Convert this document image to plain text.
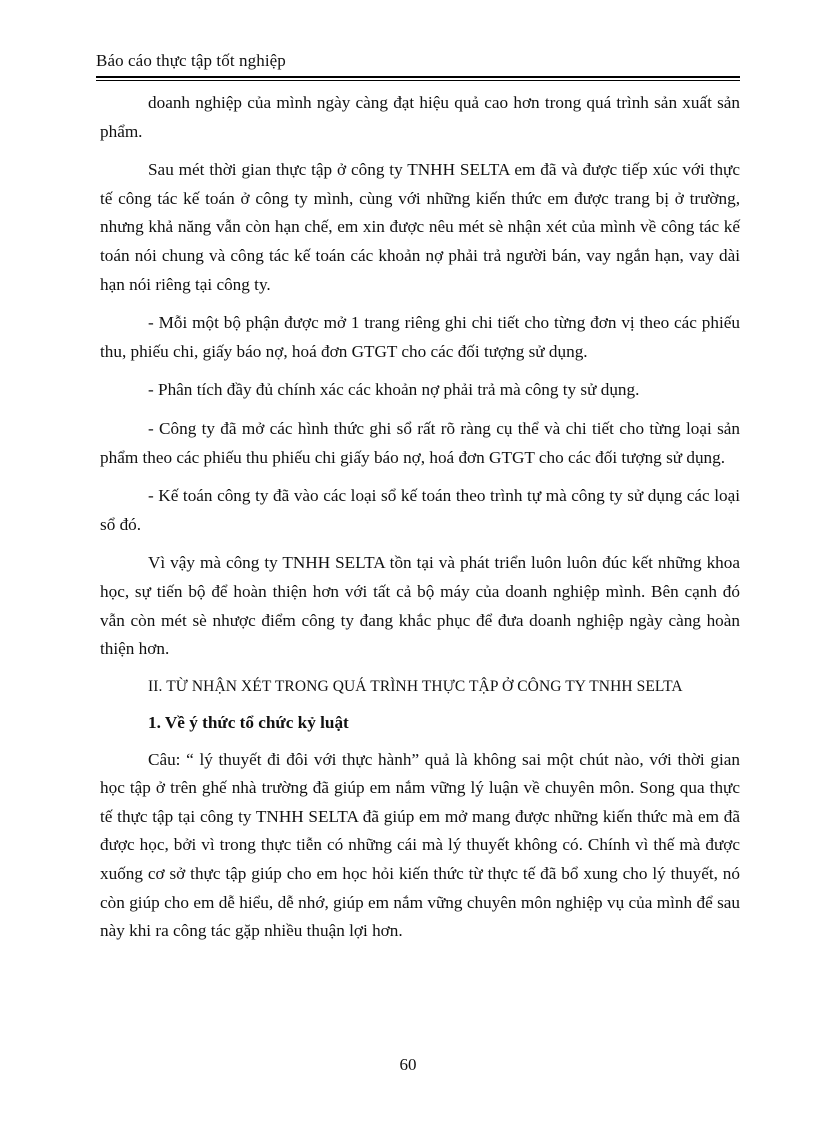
Báo cáo thực tập tốt nghiệp

doanh nghiệp của mình ngày càng đạt hiệu quả cao hơn trong quá trình sản xuất sản phẩm.

Sau mét thời gian thực tập ở công ty TNHH SELTA em đã và được tiếp xúc với thực tế công tác kế toán ở công ty mình, cùng với những kiến thức em được trang bị ở trường, nhưng khả năng vẫn còn hạn chế, em xin được nêu mét sè nhận xét của mình về công tác kế toán nói chung và công tác kế toán các khoản nợ phải trả người bán, vay ngắn hạn, vay dài hạn nói riêng tại công ty.

- Mỗi một bộ phận được mở 1 trang riêng ghi chi tiết cho từng đơn vị theo các phiếu thu, phiếu chi, giấy báo nợ, hoá đơn GTGT cho các đối tượng sử dụng.

- Phân tích đầy đủ chính xác các khoản nợ phải trả mà công ty sử dụng.

- Công ty đã mở các hình thức ghi sổ rất rõ ràng cụ thể và chi tiết cho từng loại sản phẩm theo các phiếu thu phiếu chi giấy báo nợ, hoá đơn GTGT cho các đối tượng sử dụng.

- Kế toán công ty đã vào các loại sổ kế toán theo trình tự mà công ty sử dụng các loại sổ đó.

Vì vậy mà công ty TNHH SELTA tồn tại và phát triển luôn luôn đúc kết những khoa học, sự tiến bộ để hoàn thiện hơn với tất cả bộ máy của doanh nghiệp mình. Bên cạnh đó vẫn còn mét sè nhược điểm công ty đang khắc phục để đưa doanh nghiệp ngày càng hoàn thiện hơn.

II. TỪ NHẬN XÉT TRONG QUÁ TRÌNH THỰC TẬP Ở CÔNG TY TNHH SELTA

1. Về ý thức tổ chức kỷ luật

Câu: “ lý thuyết đi đôi với thực hành” quả là không sai một chút nào, với thời gian học tập ở trên ghế nhà trường đã giúp em nắm vững lý luận về chuyên môn. Song qua thực tế thực tập tại công ty TNHH SELTA đã giúp em mở mang được những kiến thức mà em đã được học, bởi vì trong thực tiễn có những cái mà lý thuyết không có. Chính vì thế mà được xuống cơ sở thực tập giúp cho em học hỏi kiến thức từ thực tế đã bổ xung cho lý thuyết, nó còn giúp cho em dễ hiểu, dễ nhớ, giúp em nắm vững chuyên môn nghiệp vụ của mình để sau này khi ra công tác gặp nhiều thuận lợi hơn.

60
